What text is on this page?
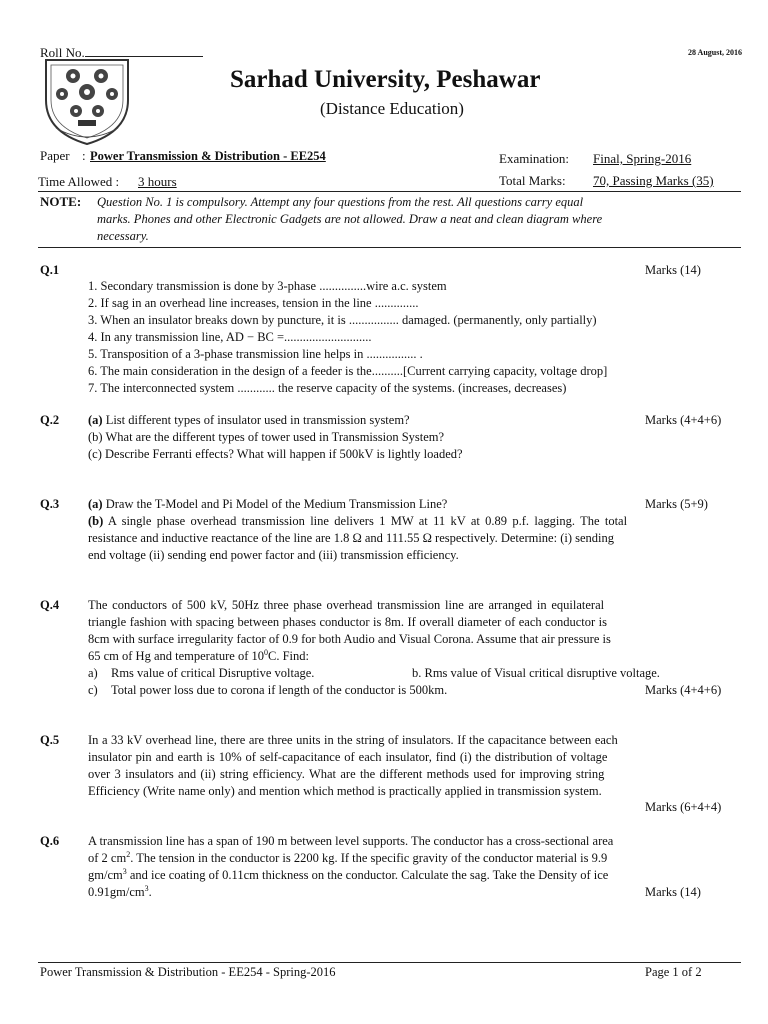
Roll No.	28 August, 2016
Sarhad University, Peshawar
(Distance Education)
Paper : Power Transmission & Distribution - EE254	Examination: Final, Spring-2016
Time Allowed : 3 hours	Total Marks: 70, Passing Marks (35)
NOTE: Question No. 1 is compulsory. Attempt any four questions from the rest. All questions carry equal
marks. Phones and other Electronic Gadgets are not allowed. Draw a neat and clean diagram where
necessary.
Q.1	Marks (14)
1. Secondary transmission is done by 3-phase ...............wire a.c. system
2. If sag in an overhead line increases, tension in the line ..............
3. When an insulator breaks down by puncture, it is ................ damaged. (permanently, only partially)
4. In any transmission line, AD − BC =............................
5. Transposition of a 3-phase transmission line helps in ................ .
6. The main consideration in the design of a feeder is the..........[Current carrying capacity, voltage drop]
7. The interconnected system ............ the reserve capacity of the systems. (increases, decreases)
Q.2 (a) List different types of insulator used in transmission system?	Marks (4+4+6)
(b) What are the different types of tower used in Transmission System?
(c) Describe Ferranti effects? What will happen if 500kV is lightly loaded?
Q.3 (a) Draw the T-Model and Pi Model of the Medium Transmission Line?	Marks (5+9)
(b) A single phase overhead transmission line delivers 1 MW at 11 kV at 0.89 p.f. lagging. The total
resistance and inductive reactance of the line are 1.8 Ω and 111.55 Ω respectively. Determine: (i) sending
end voltage (ii) sending end power factor and (iii) transmission efficiency.
Q.4 The conductors of 500 kV, 50Hz three phase overhead transmission line are arranged in equilateral
triangle fashion with spacing between phases conductor is 8m. If overall diameter of each conductor is
8cm with surface irregularity factor of 0.9 for both Audio and Visual Corona. Assume that air pressure is
65 cm of Hg and temperature of $10^0C$. Find:
a) Rms value of critical Disruptive voltage.	b. Rms value of Visual critical disruptive voltage.
c) Total power loss due to corona if length of the conductor is 500km.	Marks (4+4+6)
Q.5 In a 33 kV overhead line, there are three units in the string of insulators. If the capacitance between each
insulator pin and earth is 10% of self-capacitance of each insulator, find (i) the distribution of voltage
over 3 insulators and (ii) string efficiency. What are the different methods used for improving string
Efficiency (Write name only) and mention which method is practically applied in transmission system.
Marks (6+4+4)
Q.6 A transmission line has a span of 190 m between level supports. The conductor has a cross-sectional area
of 2 $cm^2$. The tension in the conductor is 2200 kg. If the specific gravity of the conductor material is 9.9
$gm/cm^3$ and ice coating of 0.11cm thickness on the conductor. Calculate the sag. Take the Density of ice
$0.91gm/cm^3$.	Marks (14)
Power Transmission & Distribution - EE254 - Spring-2016	Page 1 of 2
